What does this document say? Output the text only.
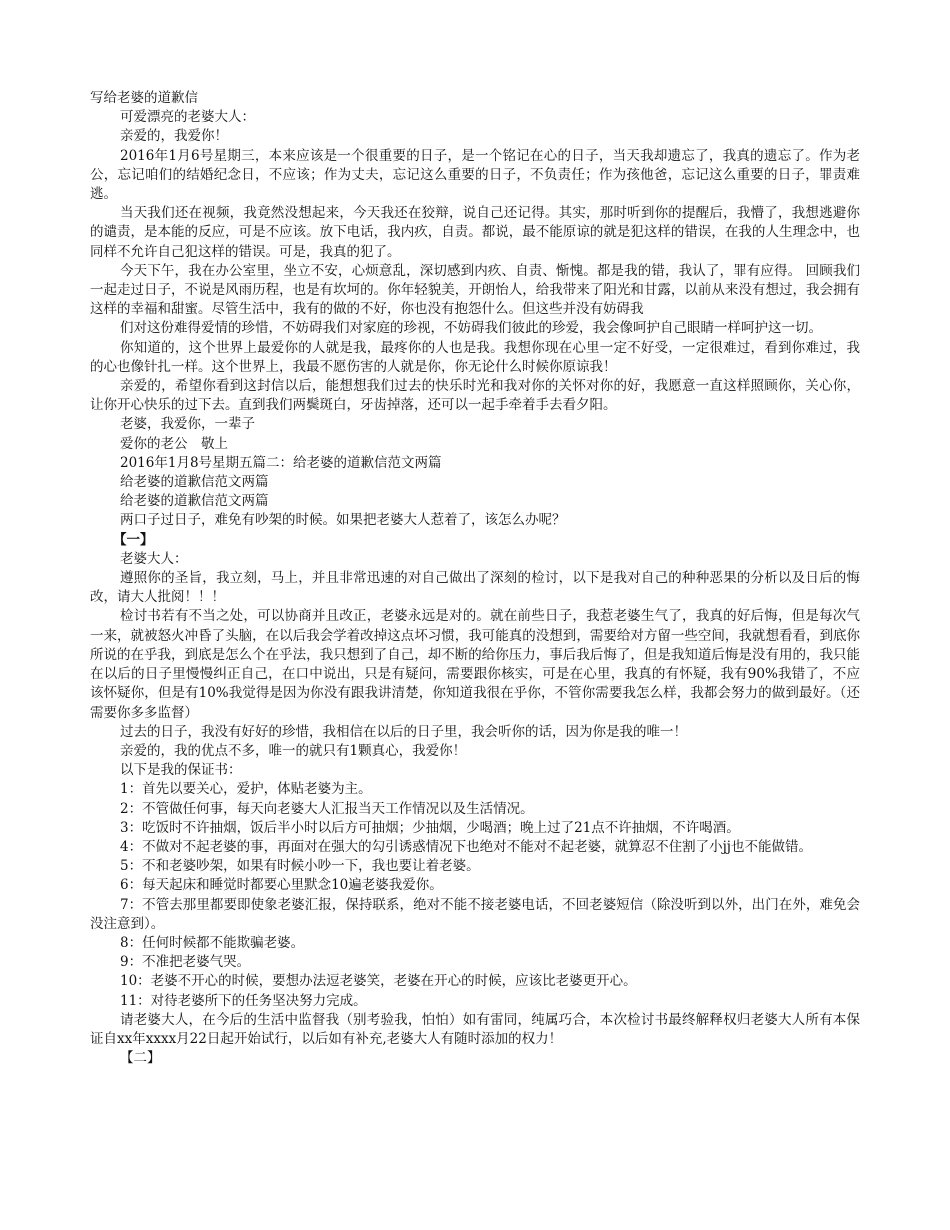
写给老婆的道歉信

可爱漂亮的老婆大人：

亲爱的，我爱你！

2016年1月6号星期三，本来应该是一个很重要的日子，是一个铭记在心的日子，当天我却遗忘了，我真的遗忘了。作为老公，忘记咱们的结婚纪念日，不应该；作为丈夫，忘记这么重要的日子，不负责任；作为孩他爸，忘记这么重要的日子，罪责难逃。

当天我们还在视频，我竟然没想起来，今天我还在狡辩，说自己还记得。其实，那时听到你的提醒后，我懵了，我想逃避你的谴责，是本能的反应，可是不应该。放下电话，我内疚，自责。都说，最不能原谅的就是犯这样的错误，在我的人生理念中，也同样不允许自己犯这样的错误。可是，我真的犯了。

今天下午，我在办公室里，坐立不安，心烦意乱，深切感到内疚、自责、惭愧。都是我的错，我认了，罪有应得。 回顾我们一起走过日子，不说是风雨历程，也是有坎坷的。你年轻貌美，开朗怡人，给我带来了阳光和甘露，以前从来没有想过，我会拥有这样的幸福和甜蜜。尽管生活中，我有的做的不好，你也没有抱怨什么。但这些并没有妨碍我

们对这份难得爱情的珍惜，不妨碍我们对家庭的珍视，不妨碍我们彼此的珍爱，我会像呵护自己眼睛一样呵护这一切。

你知道的，这个世界上最爱你的人就是我，最疼你的人也是我。我想你现在心里一定不好受，一定很难过，看到你难过，我的心也像针扎一样。这个世界上，我最不愿伤害的人就是你，你无论什么时候你原谅我！

亲爱的，希望你看到这封信以后，能想想我们过去的快乐时光和我对你的关怀对你的好，我愿意一直这样照顾你，关心你，让你开心快乐的过下去。直到我们两鬓斑白，牙齿掉落，还可以一起手牵着手去看夕阳。

老婆，我爱你，一辈子

爱你的老公　敬上

2016年1月8号星期五篇二：给老婆的道歉信范文两篇

给老婆的道歉信范文两篇

给老婆的道歉信范文两篇

两口子过日子，难免有吵架的时候。如果把老婆大人惹着了，该怎么办呢？

【一】

老婆大人：

遵照你的圣旨，我立刻，马上，并且非常迅速的对自己做出了深刻的检讨，以下是我对自己的种种恶果的分析以及日后的悔改，请大人批阅！！！

检讨书若有不当之处，可以协商并且改正，老婆永远是对的。就在前些日子，我惹老婆生气了，我真的好后悔，但是每次气一来，就被怒火冲昏了头脑，在以后我会学着改掉这点坏习惯，我可能真的没想到，需要给对方留一些空间，我就想看看，到底你所说的在乎我，到底是怎么个在乎法，我只想到了自己，却不断的给你压力，事后我后悔了，但是我知道后悔是没有用的，我只能在以后的日子里慢慢纠正自己，在口中说出，只是有疑问，需要跟你核实，可是在心里，我真的有怀疑，我有90%我错了，不应该怀疑你，但是有10%我觉得是因为你没有跟我讲清楚，你知道我很在乎你，不管你需要我怎么样，我都会努力的做到最好。（还需要你多多监督）

过去的日子，我没有好好的珍惜，我相信在以后的日子里，我会听你的话，因为你是我的唯一！

亲爱的，我的优点不多，唯一的就只有1颗真心，我爱你！

以下是我的保证书：

1：首先以要关心，爱护，体贴老婆为主。

2：不管做任何事，每天向老婆大人汇报当天工作情况以及生活情况。

3：吃饭时不许抽烟，饭后半小时以后方可抽烟；少抽烟，少喝酒；晚上过了21点不许抽烟，不许喝酒。

4：不做对不起老婆的事，再面对在强大的勾引诱惑情况下也绝对不能对不起老婆，就算忍不住割了小jj也不能做错。

5：不和老婆吵架，如果有时候小吵一下，我也要让着老婆。

6：每天起床和睡觉时都要心里默念10遍老婆我爱你。

7：不管去那里都要即使象老婆汇报，保持联系，绝对不能不接老婆电话，不回老婆短信（除没听到以外，出门在外，难免会没注意到）。

8：任何时候都不能欺骗老婆。

9：不准把老婆气哭。

10：老婆不开心的时候，要想办法逗老婆笑，老婆在开心的时候，应该比老婆更开心。

11：对待老婆所下的任务坚决努力完成。

请老婆大人，在今后的生活中监督我（别考验我，怕怕）如有雷同，纯属巧合，本次检讨书最终解释权归老婆大人所有本保证自xx年xxxx月22日起开始试行，以后如有补充,老婆大人有随时添加的权力！

【二】
